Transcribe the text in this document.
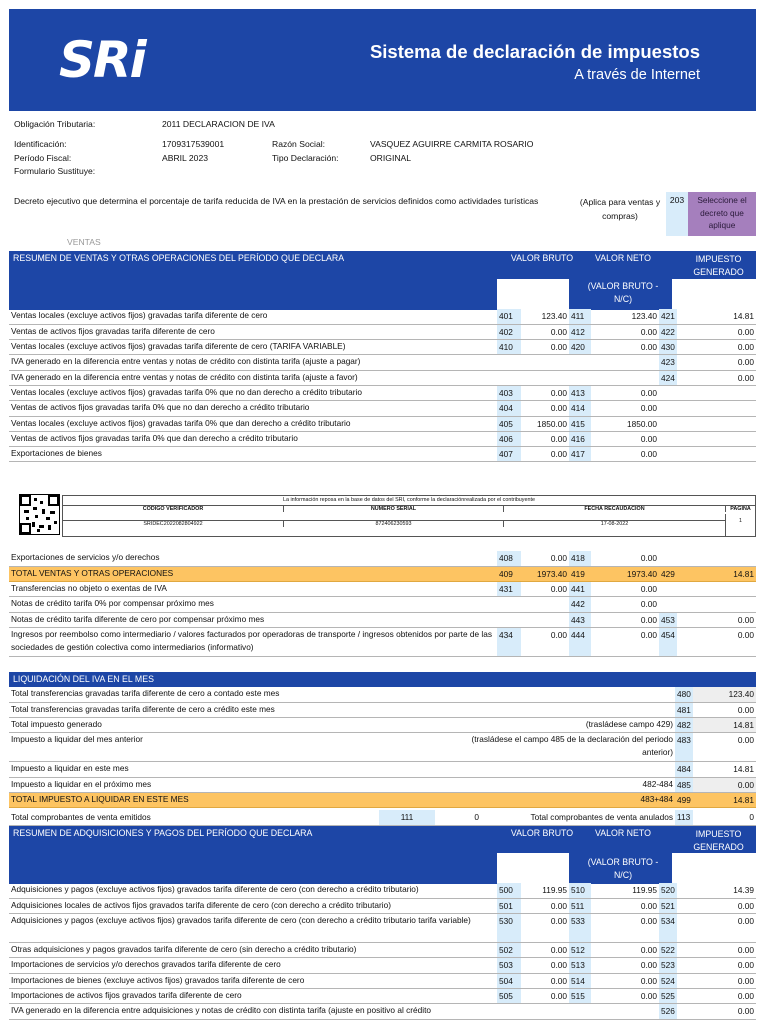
SRi	Sistema de declaración de impuestos
A través de Internet
Obligación Tributaria:	2011 DECLARACION DE IVA
Identificación:	1709317539001	Razón Social:	VASQUEZ AGUIRRE CARMITA ROSARIO
Período Fiscal:	ABRIL 2023	Tipo Declaración:	ORIGINAL
Formulario Sustituye:
Decreto ejecutivo que determina el porcentaje de tarifa reducida de IVA en la prestación de servicios definidos como actividades turísticas	(Aplica para ventas y compras)
203	Seleccione el decreto que aplique
VENTAS
RESUMEN DE VENTAS Y OTRAS OPERACIONES DEL PERÍODO QUE DECLARA	VALOR BRUTO	VALOR NETO
(VALOR BRUTO - N/C)
IMPUESTO GENERADO
Ventas locales (excluye activos fijos) gravadas tarifa diferente de cero	401	123.40	411	123.40	421	14.81
Ventas de activos fijos gravadas tarifa diferente de cero	402	0.00	412	0.00	422	0.00
Ventas locales (excluye activos fijos) gravadas tarifa diferente de cero (TARIFA VARIABLE)	410	0.00	420	0.00	430	0.00
IVA generado en la diferencia entre ventas y notas de crédito con distinta tarifa (ajuste a pagar)					423	0.00
IVA generado en la diferencia entre ventas y notas de crédito con distinta tarifa (ajuste a favor)					424	0.00
Ventas locales (excluye activos fijos) gravadas tarifa 0% que no dan derecho a crédito tributario	403	0.00	413	0.00		
Ventas de activos fijos gravadas tarifa 0% que no dan derecho a crédito tributario	404	0.00	414	0.00		
Ventas locales (excluye activos fijos) gravadas tarifa 0% que dan derecho a crédito tributario	405	1850.00	415	1850.00		
Ventas de activos fijos gravadas tarifa 0% que dan derecho a crédito tributario	406	0.00	416	0.00		
Exportaciones de bienes	407	0.00	417	0.00		
La información reposa en la base de datos del SRI, conforme la declaraciónrealizada por el contribuyente
CODIGO VERIFICADOR	NUMERO SERIAL	FECHA RECAUDACION	PAGINA
SRIDEC2022082804922	872406230593	17-08-2022	1
Exportaciones de servicios y/o derechos	408	0.00	418	0.00		
TOTAL VENTAS Y OTRAS OPERACIONES	409	1973.40	419	1973.40	429	14.81
Transferencias no objeto o exentas de IVA	431	0.00	441	0.00		
Notas de crédito tarifa 0% por compensar próximo mes			442	0.00		
Notas de crédito tarifa diferente de cero por compensar próximo mes			443	0.00	453	0.00
Ingresos por reembolso como intermediario / valores facturados por operadoras de transporte / ingresos obtenidos por parte de las sociedades de gestión colectiva como intermediarios (informativo)	434	0.00	444	0.00	454	0.00
LIQUIDACIÓN DEL IVA EN EL MES
Total transferencias gravadas tarifa diferente de cero a contado este mes		480	123.40
Total transferencias gravadas tarifa diferente de cero a crédito este mes		481	0.00
Total impuesto generado	(trasládese campo 429)	482	14.81
Impuesto a liquidar del mes anterior	(trasládese el campo 485 de la declaración del periodo anterior)	483	0.00
Impuesto a liquidar en este mes		484	14.81
Impuesto a liquidar en el próximo mes	482-484	485	0.00
TOTAL IMPUESTO A LIQUIDAR EN ESTE MES	483+484	499	14.81
Total comprobantes de venta emitidos	111	0	Total comprobantes de venta anulados	113	0
RESUMEN DE ADQUISICIONES Y PAGOS DEL PERÍODO QUE DECLARA	VALOR BRUTO	VALOR NETO
(VALOR BRUTO - N/C)
IMPUESTO GENERADO
Adquisiciones y pagos (excluye activos fijos) gravados tarifa diferente de cero (con derecho a crédito tributario)	500	119.95	510	119.95	520	14.39
Adquisiciones locales de activos fijos gravados tarifa diferente de cero (con derecho a crédito tributario)	501	0.00	511	0.00	521	0.00
Adquisiciones y pagos (excluye activos fijos) gravados tarifa diferente de cero (con derecho a crédito tributario tarifa variable)	530	0.00	533	0.00	534	0.00
Otras adquisiciones y pagos gravados tarifa diferente de cero (sin derecho a crédito tributario)	502	0.00	512	0.00	522	0.00
Importaciones de servicios y/o derechos gravados tarifa diferente de cero	503	0.00	513	0.00	523	0.00
Importaciones de bienes (excluye activos fijos) gravados tarifa diferente de cero	504	0.00	514	0.00	524	0.00
Importaciones de activos fijos gravados tarifa diferente de cero	505	0.00	515	0.00	525	0.00
IVA generado en la diferencia entre adquisiciones y notas de crédito con distinta tarifa (ajuste en positivo al crédito					526	0.00
